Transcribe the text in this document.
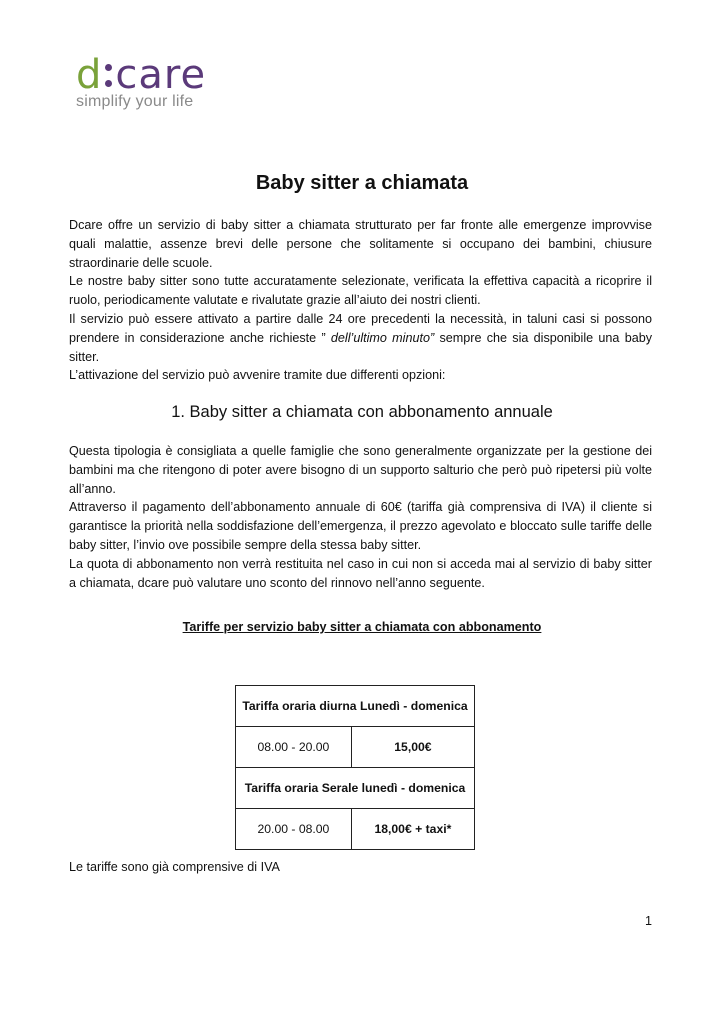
d care
simplify your life
Baby sitter a chiamata

Dcare offre un servizio di baby sitter a chiamata strutturato per far fronte alle emergenze improvvise quali malattie, assenze brevi delle persone che solitamente si occupano dei bambini, chiusure straordinarie delle scuole.

Le nostre baby sitter sono tutte accuratamente selezionate, verificata la effettiva capacità a ricoprire il ruolo, periodicamente valutate e rivalutate grazie all’aiuto dei nostri clienti.

Il servizio può essere attivato a partire dalle 24 ore precedenti la necessità, in taluni casi si possono prendere in considerazione anche richieste ” dell’ultimo minuto” sempre che sia disponibile una baby sitter.

L’attivazione del servizio può avvenire tramite due differenti opzioni:

1. Baby sitter a chiamata con abbonamento annuale

Questa tipologia è consigliata a quelle famiglie che sono generalmente organizzate per la gestione dei bambini ma che ritengono di poter avere bisogno di un supporto salturio che però può ripetersi più volte all’anno.

Attraverso il pagamento dell’abbonamento annuale di 60€ (tariffa già comprensiva di IVA) il cliente si garantisce la priorità nella soddisfazione dell’emergenza, il prezzo agevolato e bloccato sulle tariffe delle baby sitter, l’invio ove possibile sempre della stessa baby sitter.

La quota di abbonamento non verrà restituita nel caso in cui non si acceda mai al servizio di baby sitter a chiamata, dcare può valutare uno sconto del rinnovo nell’anno seguente.

Tariffe per servizio baby sitter a chiamata con abbonamento
Tariffa oraria diurna Lunedì - domenica	
08.00 - 20.00	15,00€
Tariffa oraria Serale lunedì - domenica	
20.00 - 08.00	18,00€ + taxi*
Le tariffe sono già comprensive di IVA
1
